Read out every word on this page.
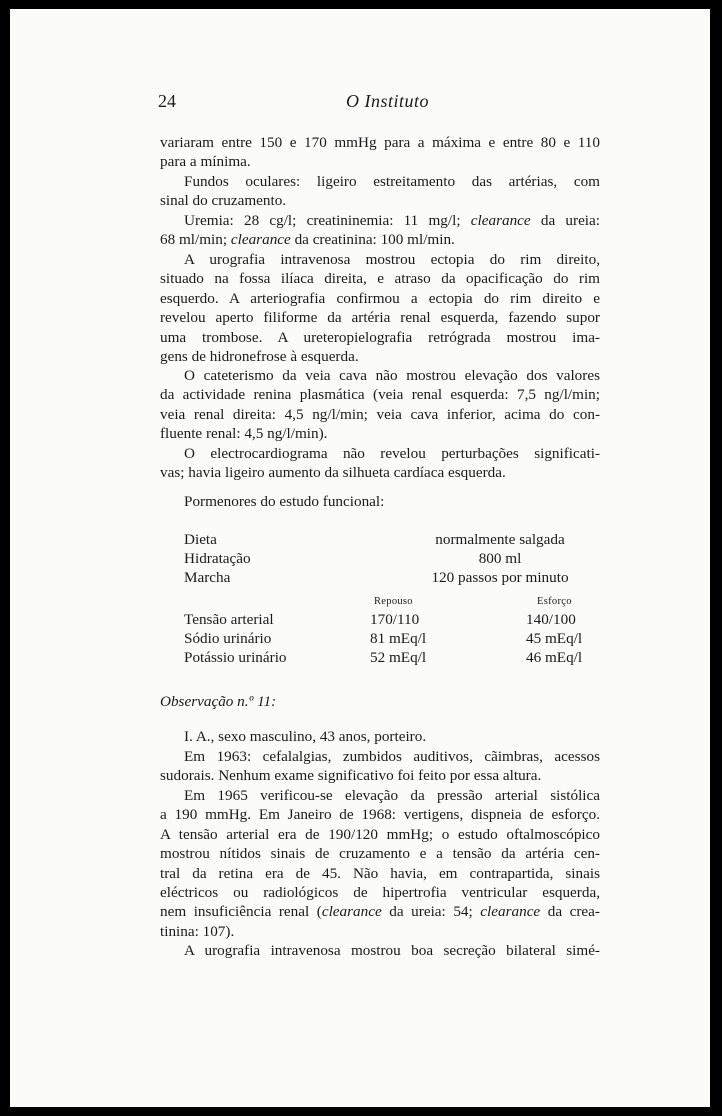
24	O Instituto
variaram entre 150 e 170 mmHg para a máxima e entre 80 e 110
para a mínima.
Fundos oculares: ligeiro estreitamento das artérias, com
sinal do cruzamento.
Uremia: 28 cg/l; creatininemia: 11 mg/l; clearance da ureia:
68 ml/min; clearance da creatinina: 100 ml/min.
A urografia intravenosa mostrou ectopia do rim direito,
situado na fossa ilíaca direita, e atraso da opacificação do rim
esquerdo. A arteriografia confirmou a ectopia do rim direito e
revelou aperto filiforme da artéria renal esquerda, fazendo supor
uma trombose. A ureteropielografia retrógrada mostrou ima-
gens de hidronefrose à esquerda.
O cateterismo da veia cava não mostrou elevação dos valores
da actividade renina plasmática (veia renal esquerda: 7,5 ng/l/min;
veia renal direita: 4,5 ng/l/min; veia cava inferior, acima do con-
fluente renal: 4,5 ng/l/min).
O electrocardiograma não revelou perturbações significati-
vas; havia ligeiro aumento da silhueta cardíaca esquerda.
Pormenores do estudo funcional:
Dieta
Hidratação
Marcha
normalmente salgada
800 ml
120 passos por minuto
Repouso	Esforço
Tensão arterial
Sódio urinário
Potássio urinário
170/110
81 mEq/l
52 mEq/l
140/100
45 mEq/l
46 mEq/l
Observação n.º 11:
I. A., sexo masculino, 43 anos, porteiro.
Em 1963: cefalalgias, zumbidos auditivos, cãimbras, acessos
sudorais. Nenhum exame significativo foi feito por essa altura.
Em 1965 verificou-se elevação da pressão arterial sistólica
a 190 mmHg. Em Janeiro de 1968: vertigens, dispneia de esforço.
A tensão arterial era de 190/120 mmHg; o estudo oftalmoscópico
mostrou nítidos sinais de cruzamento e a tensão da artéria cen-
tral da retina era de 45. Não havia, em contrapartida, sinais
eléctricos ou radiológicos de hipertrofia ventricular esquerda,
nem insuficiência renal (clearance da ureia: 54; clearance da crea-
tinina: 107).
A urografia intravenosa mostrou boa secreção bilateral simé-
